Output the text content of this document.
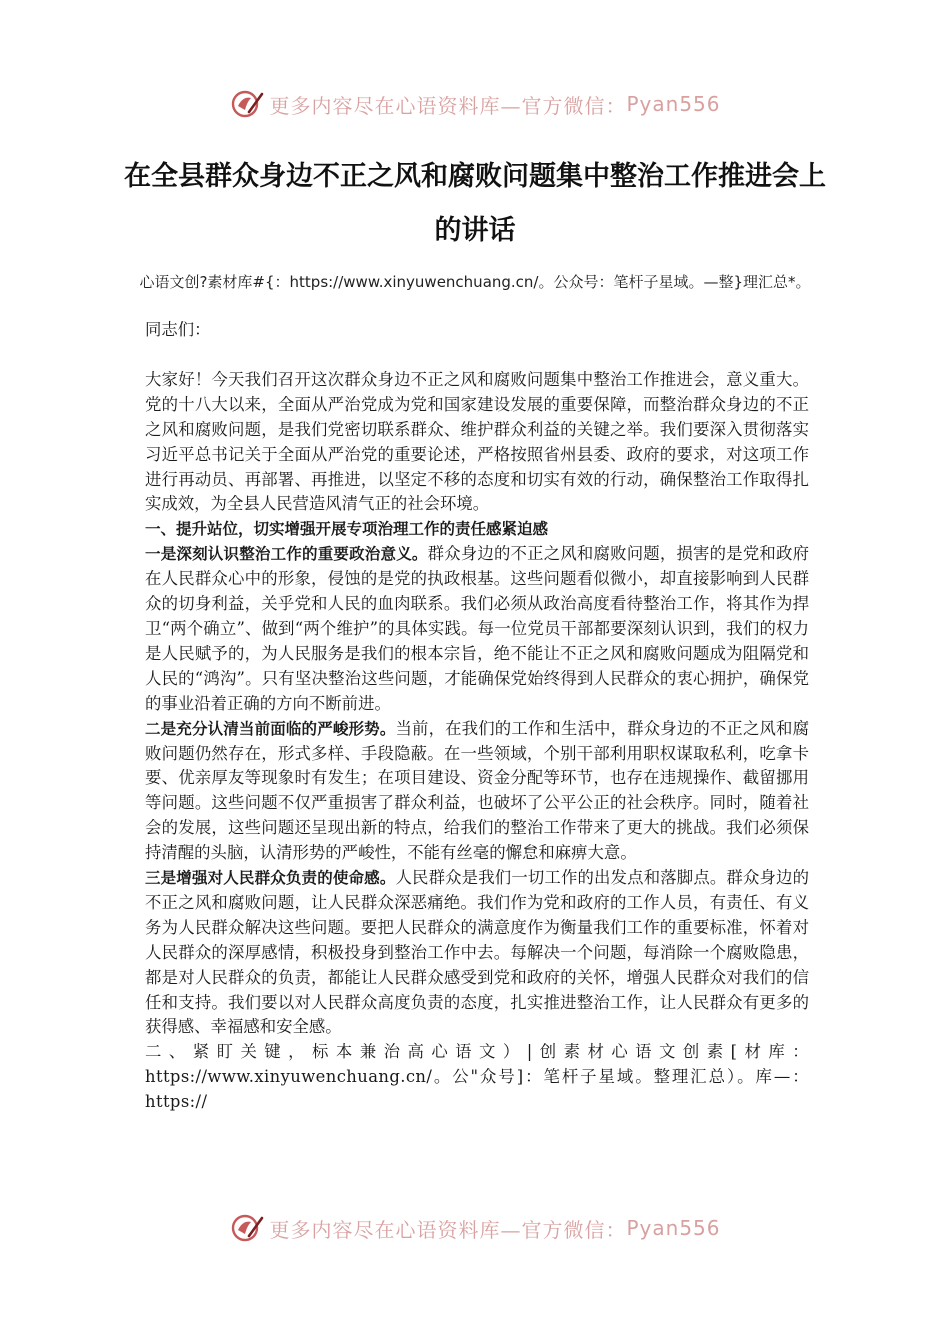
更多内容尽在心语资料库—官方微信： Pyan556
在全县群众身边不正之风和腐败问题集中整治工作推进会上的讲话
心语文创?素材库#{：https://www.xinyuwenchuang.cn/。公众号：笔杆子星域。—整}理汇总*。

同志们：

大家好！今天我们召开这次群众身边不正之风和腐败问题集中整治工作推进会，意义重大。党的十八大以来，全面从严治党成为党和国家建设发展的重要保障，而整治群众身边的不正之风和腐败问题，是我们党密切联系群众、维护群众利益的关键之举。我们要深入贯彻落实习近平总书记关于全面从严治党的重要论述，严格按照省州县委、政府的要求，对这项工作进行再动员、再部署、再推进，以坚定不移的态度和切实有效的行动，确保整治工作取得扎实成效，为全县人民营造风清气正的社会环境。

一、提升站位，切实增强开展专项治理工作的责任感紧迫感

一是深刻认识整治工作的重要政治意义。群众身边的不正之风和腐败问题，损害的是党和政府在人民群众心中的形象，侵蚀的是党的执政根基。这些问题看似微小，却直接影响到人民群众的切身利益，关乎党和人民的血肉联系。我们必须从政治高度看待整治工作，将其作为捍卫“两个确立”、做到“两个维护”的具体实践。每一位党员干部都要深刻认识到，我们的权力是人民赋予的，为人民服务是我们的根本宗旨，绝不能让不正之风和腐败问题成为阻隔党和人民的“鸿沟”。只有坚决整治这些问题，才能确保党始终得到人民群众的衷心拥护，确保党的事业沿着正确的方向不断前进。

二是充分认清当前面临的严峻形势。当前，在我们的工作和生活中，群众身边的不正之风和腐败问题仍然存在，形式多样、手段隐蔽。在一些领域，个别干部利用职权谋取私利，吃拿卡要、优亲厚友等现象时有发生；在项目建设、资金分配等环节，也存在违规操作、截留挪用等问题。这些问题不仅严重损害了群众利益，也破坏了公平公正的社会秩序。同时，随着社会的发展，这些问题还呈现出新的特点，给我们的整治工作带来了更大的挑战。我们必须保持清醒的头脑，认清形势的严峻性，不能有丝毫的懈怠和麻痹大意。

三是增强对人民群众负责的使命感。人民群众是我们一切工作的出发点和落脚点。群众身边的不正之风和腐败问题，让人民群众深恶痛绝。我们作为党和政府的工作人员，有责任、有义务为人民群众解决这些问题。要把人民群众的满意度作为衡量我们工作的重要标准，怀着对人民群众的深厚感情，积极投身到整治工作中去。每解决一个问题，每消除一个腐败隐患，都是对人民群众的负责，都能让人民群众感受到党和政府的关怀，增强人民群众对我们的信任和支持。我们要以对人民群众高度负责的态度，扎实推进整治工作，让人民群众有更多的获得感、幸福感和安全感。

二、紧盯关键，标本兼治高心语文）|创素材心语文创素[材库：https://www.xinyuwenchuang.cn/。公"众号]：笔杆子星域。整理汇总）。库—：https://

更多内容尽在心语资料库—官方微信： Pyan556
